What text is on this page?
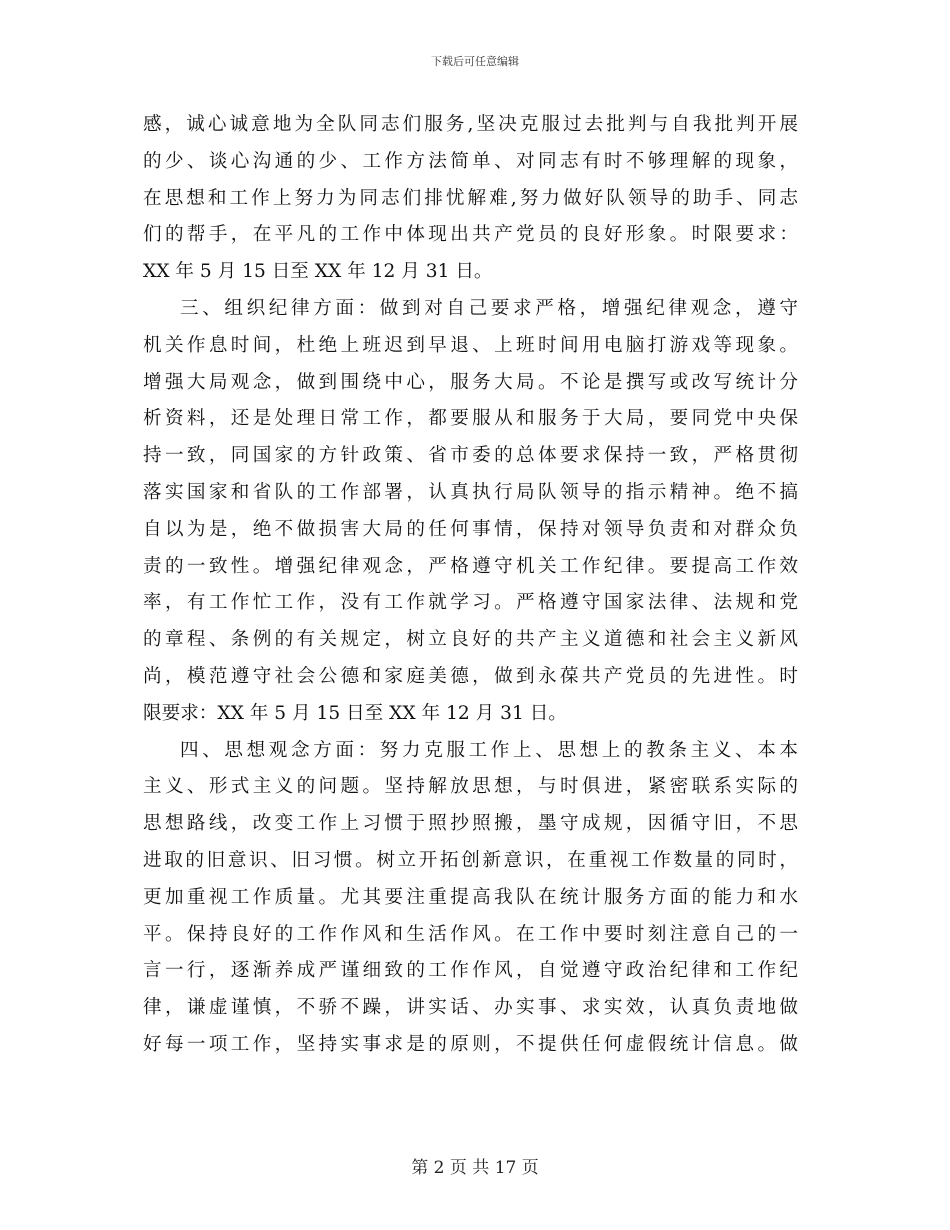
下载后可任意编辑
感，诚心诚意地为全队同志们服务,坚决克服过去批判与自我批判开展
的少、谈心沟通的少、工作方法简单、对同志有时不够理解的现象，
在思想和工作上努力为同志们排忧解难,努力做好队领导的助手、同志
们的帮手，在平凡的工作中体现出共产党员的良好形象。时限要求：
XX 年 5 月 15 日至 XX 年 12 月 31 日。
三、组织纪律方面：做到对自己要求严格，增强纪律观念，遵守
机关作息时间，杜绝上班迟到早退、上班时间用电脑打游戏等现象。
增强大局观念，做到围绕中心，服务大局。不论是撰写或改写统计分
析资料，还是处理日常工作，都要服从和服务于大局，要同党中央保
持一致，同国家的方针政策、省市委的总体要求保持一致，严格贯彻
落实国家和省队的工作部署，认真执行局队领导的指示精神。绝不搞
自以为是，绝不做损害大局的任何事情，保持对领导负责和对群众负
责的一致性。增强纪律观念，严格遵守机关工作纪律。要提高工作效
率，有工作忙工作，没有工作就学习。严格遵守国家法律、法规和党
的章程、条例的有关规定，树立良好的共产主义道德和社会主义新风
尚，模范遵守社会公德和家庭美德，做到永葆共产党员的先进性。时
限要求：XX 年 5 月 15 日至 XX 年 12 月 31 日。
四、思想观念方面：努力克服工作上、思想上的教条主义、本本
主义、形式主义的问题。坚持解放思想，与时俱进，紧密联系实际的
思想路线，改变工作上习惯于照抄照搬，墨守成规，因循守旧，不思
进取的旧意识、旧习惯。树立开拓创新意识，在重视工作数量的同时，
更加重视工作质量。尤其要注重提高我队在统计服务方面的能力和水
平。保持良好的工作作风和生活作风。在工作中要时刻注意自己的一
言一行，逐渐养成严谨细致的工作作风，自觉遵守政治纪律和工作纪
律，谦虚谨慎，不骄不躁，讲实话、办实事、求实效，认真负责地做
好每一项工作，坚持实事求是的原则，不提供任何虚假统计信息。做
第 2 页 共 17 页
